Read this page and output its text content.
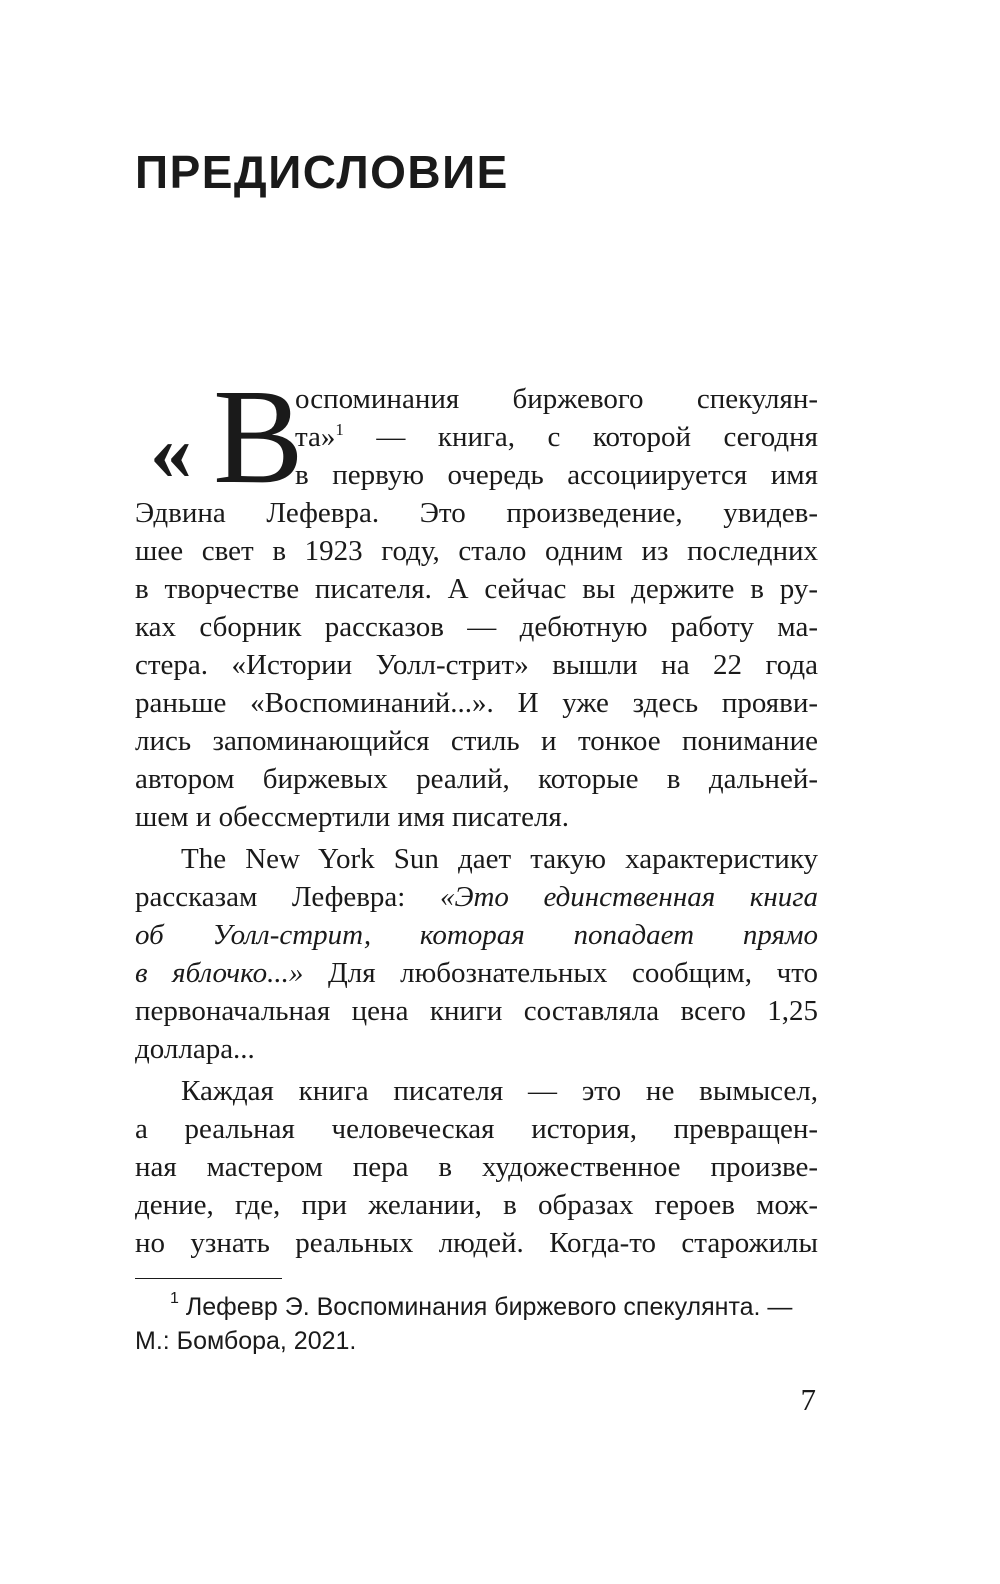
ПРЕДИСЛОВИЕ
« В
оспоминания биржевого спекулян-
та»$^1$ — книга, с которой сегодня
в первую очередь ассоциируется имя
Эдвина Лефеврa. Это произведение, увидев-
шее свет в 1923 году, стало одним из последних
в творчестве писателя. А сейчас вы держите в ру-
ках сборник рассказов — дебютную работу ма-
стера. «Истории Уолл-стрит» вышли на 22 года
раньше «Воспоминаний...». И уже здесь прояви-
лись запоминающийся стиль и тонкое понимание
автором биржевых реалий, которые в дальней-
шем и обессмертили имя писателя.
The New York Sun дает такую характеристику
рассказам Лефевра: «Это единственная книга
об Уолл-стрит, которая попадает прямо
в яблочко...» Для любознательных сообщим, что
первоначальная цена книги составляла всего 1,25
доллара...
Каждая книга писателя — это не вымысел,
а реальная человеческая история, превращен-
ная мастером пера в художественное произве-
дение, где, при желании, в образах героев мож-
но узнать реальных людей. Когда-то старожилы
$^1$ Лефевр Э. Воспоминания биржевого спекулянта. —
М.: Бомбора, 2021.
7
